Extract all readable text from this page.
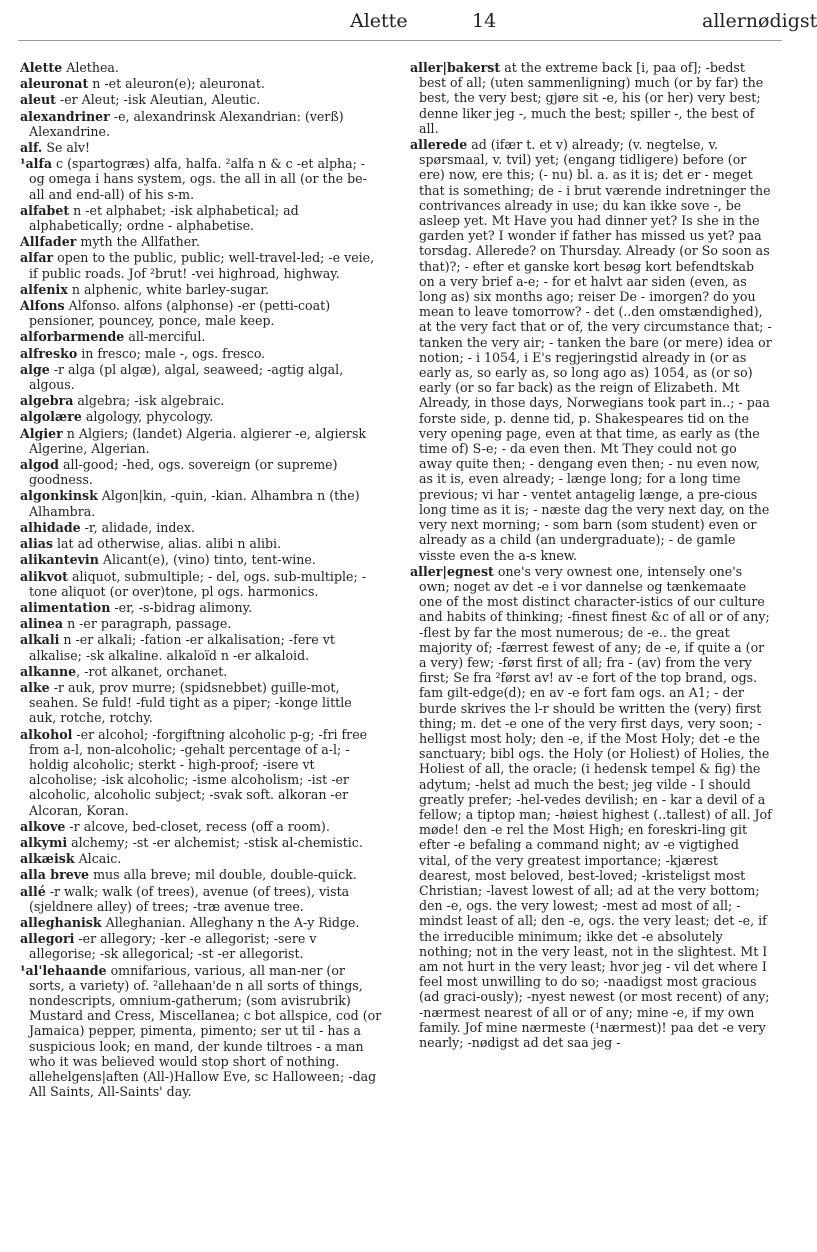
Alette	14	allernødigst
Alette Alethea.
aleuronat n -et aleuron(e); aleuronat.
aleut -er Aleut; -isk Aleutian, Aleutic.
alexandriner -e, alexandrinsk Alexandrian: (verß) Alexandrine.
alf. Se alv!
¹alfa c (spartogræs) alfa, halfa. ²alfa n & c -et alpha; - og omega i hans system, ogs. the all in all (or the be-all and end-all) of his s-m.
alfabet n -et alphabet; -isk alphabetical; ad alphabetically; ordne - alphabetise.
Allfader myth the Allfather.
alfar open to the public, public; well-travel-led; -e veie, if public roads. Jof ²brut! -vei highroad, highway.
alfenix n alphenic, white barley-sugar.
Alfons Alfonso. alfons (alphonse) -er (petti-coat) pensioner, pouncey, ponce, male keep.
alforbarmende all-merciful.
alfresko in fresco; male -, ogs. fresco.
alge -r alga (pl algæ), algal, seaweed; -agtig algal, algous.
algebra algebra; -isk algebraic.
algolære algology, phycology.
Algier n Algiers; (landet) Algeria. algierer -e, algiersk Algerine, Algerian.
algod all-good; -hed, ogs. sovereign (or supreme) goodness.
algonkinsk Algon|kin, -quin, -kian. Alhambra n (the) Alhambra.
alhidade -r, alidade, index.
alias lat ad otherwise, alias. alibi n alibi.
alikantevin Alicant(e), (vino) tinto, tent-wine.
alikvot aliquot, submultiple; - del, ogs. sub-multiple; -tone aliquot (or over)tone, pl ogs. harmonics.
alimentation -er, -s-bidrag alimony.
alinea n -er paragraph, passage.
alkali n -er alkali; -fation -er alkalisation; -fere vt alkalise; -sk alkaline. alkaloïd n -er alkaloid.
alkanne, -rot alkanet, orchanet.
alke -r auk, prov murre; (spidsnebbet) guille-mot, seahen. Se fuld! -fuld tight as a piper; -konge little auk, rotche, rotchy.
alkohol -er alcohol; -forgiftning alcoholic p-g; -fri free from a-l, non-alcoholic; -gehalt percentage of a-l; -holdig alcoholic; sterkt - high-proof; -isere vt alcoholise; -isk alcoholic; -isme alcoholism; -ist -er alcoholic, alcoholic subject; -svak soft. alkoran -er Alcoran, Koran.
alkove -r alcove, bed-closet, recess (off a room).
alkymi alchemy; -st -er alchemist; -stisk al-chemistic.
alkæisk Alcaic.
alla breve mus alla breve; mil double, double-quick.
allé -r walk; walk (of trees), avenue (of trees), vista (sjeldnere alley) of trees; -træ avenue tree.
alleghanisk Alleghanian. Alleghany n the A-y Ridge.
allegori -er allegory; -ker -e allegorist; -sere v allegorise; -sk allegorical; -st -er allegorist.
¹al'lehaande omnifarious, various, all man-ner (or sorts, a variety) of. ²allehaan'de n all sorts of things, nondescripts, omnium-gatherum; (som avisrubrik) Mustard and Cress, Miscellanea; c bot allspice, cod (or Jamaica) pepper, pimenta, pimento; ser ut til - has a suspicious look; en mand, der kunde tiltroes - a man who it was believed would stop short of nothing. allehelgens|aften (All-)Hallow Eve, sc Halloween; -dag All Saints, All-Saints' day.
aller|bakerst at the extreme back [i, paa of]; -bedst best of all; (uten sammenligning) much (or by far) the best, the very best; gjøre sit -e, his (or her) very best; denne liker jeg -, much the best; spiller -, the best of all.
allerede ad (ifær t. et v) already; (v. negtelse, v. spørsmaal, v. tvil) yet; (engang tidligere) before (or ere) now, ere this; (- nu) bl. a. as it is; det er - meget that is something; de - i brut værende indretninger the contrivances already in use; du kan ikke sove -, be asleep yet. Mt Have you had dinner yet? Is she in the garden yet? I wonder if father has missed us yet? paa torsdag. Allerede? on Thursday. Already (or So soon as that)?; - efter et ganske kort besøg kort befendtskab on a very brief a-e; - for et halvt aar siden (even, as long as) six months ago; reiser De - imorgen? do you mean to leave tomorrow? - det (..den omstændighed), at the very fact that or of, the very circumstance that; - tanken the very air; - tanken the bare (or mere) idea or notion; - i 1054, i E's regjeringstid already in (or as early as, so early as, so long ago as) 1054, as (or so) early (or so far back) as the reign of Elizabeth. Mt Already, in those days, Norwegians took part in..; - paa forste side, p. denne tid, p. Shakespeares tid on the very opening page, even at that time, as early as (the time of) S-e; - da even then. Mt They could not go away quite then; - dengang even then; - nu even now, as it is, even already; - længe long; for a long time previous; vi har - ventet antagelig længe, a pre-cious long time as it is; - næste dag the very next day, on the very next morning; - som barn (som student) even or already as a child (an undergraduate); - de gamle visste even the a-s knew.
aller|egnest one's very ownest one, intensely one's own; noget av det -e i vor dannelse og tænkemaate one of the most distinct character-istics of our culture and habits of thinking; -finest finest &c of all or of any; -flest by far the most numerous; de -e.. the great majority of; -færrest fewest of any; de -e, if quite a (or a very) few; -først first of all; fra - (av) from the very first; Se fra ²først av! av -e fort of the top brand, ogs. fam gilt-edge(d); en av -e fort fam ogs. an A1; - der burde skrives the l-r should be written the (very) first thing; m. det -e one of the very first days, very soon; -helligst most holy; den -e, if the Most Holy; det -e the sanctuary; bibl ogs. the Holy (or Holiest) of Holies, the Holiest of all, the oracle; (i hedensk tempel & fig) the adytum; -helst ad much the best; jeg vilde - I should greatly prefer; -hel-vedes devilish; en - kar a devil of a fellow; a tiptop man; -høiest highest (..tallest) of all. Jof møde! den -e rel the Most High; en foreskri-ling git efter -e befaling a command night; av -e vigtighed vital, of the very greatest importance; -kjærest dearest, most beloved, best-loved; -kristeligst most Christian; -lavest lowest of all; ad at the very bottom; den -e, ogs. the very lowest; -mest ad most of all; -mindst least of all; den -e, ogs. the very least; det -e, if the irreducible minimum; ikke det -e absolutely nothing; not in the very least, not in the slightest. Mt I am not hurt in the very least; hvor jeg - vil det where I feel most unwilling to do so; -naadigst most gracious (ad graci-ously); -nyest newest (or most recent) of any; -nærmest nearest of all or of any; mine -e, if my own family. Jof mine nærmeste (¹nærmest)! paa det -e very nearly; -nødigst ad det saa jeg -
